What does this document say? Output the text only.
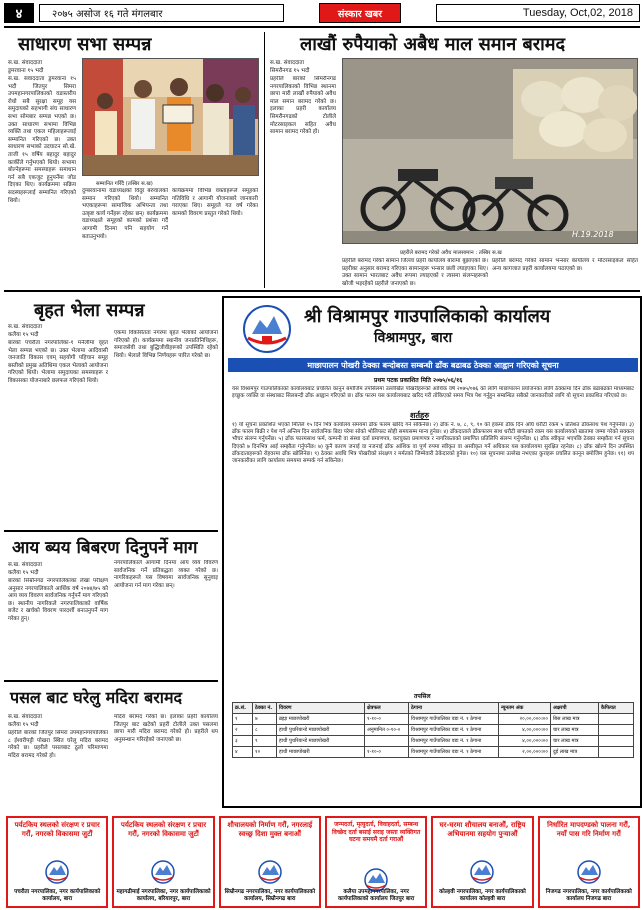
४	२०७५ असोज १६ गते मंगलबार	संस्कार खबर	Tuesday, Oct,02, 2018
साधारण सभा सम्पन्न
स.ख. संवाददाता
डुमरवाना १५ भदौ
स.ख. संवाददाता डुमरवाना १५ भदौ जितपुर सिमरा उपमहानगरपालिकाको वडास्तरीय रोधो सबै सुरक्षा समूह यस समुदायको सहभागी संघ साधारण सभा सोमबार सम्पन्न भएको छ। उक्त साधारण सभामा विभिन्न व्यक्ति तथा एकल महिलाहरूलाई सम्मानित गरिएको छ। उक्त साधारण सभाको उदघाटन सो.खे. ताजी १५ वर्षिय बहादुर बहादुर कार्कीले गर्नुभएको थियो। सभामा बोल्नेहरूमा समस्याहरू समाधान गर्न सबै एकजुट हुनुपर्नेमा जोड दिएका थिए। कार्यक्रममा सक्रिय सदस्यहरूलाई सम्मानित गरिएको थियो।
सम्मानित गरिँदै (तस्बिर स.ख)
दुम्बरवानामा वडाध्यक्षको विदुर बरुवालको सम्मान गरिएको थियो। सम्मानित भएकाहरूमा सामाजिक अभियन्ता तथा उत्कृष्ट कार्य गर्नेहरू रहेका छन्। कार्यक्रममा वडाध्यक्षले समूहको कामको प्रशंसा गर्दै आगामी दिनमा पनि सहयोग गर्ने बताउनुभयो।
कार्यक्रममा विभिन्न वक्ताहरूले समूहको गतिविधि र आगामी योजनाबारे जानकारी गराएका थिए। समूहले गत वर्ष गरेका कामको विवरण प्रस्तुत गरेको थियो।
लाखौं रुपैयाको अबैध माल समान बरामद
स.ख. संवाददाता
सिमरौनगढ १५ भदौ
प्रहरीले बारको सिमरौनगढ नगरपालिकाको विभिन्न स्थानमा छापा मारी लाखौं रुपैयाको अवैध माल समान बरामद गरेको छ। इलाका प्रहरी कार्यालय सिमरौनगढको टोलीले मोटरसाइकल सहित अवैध सामान बरामद गरेको हो।
H.19.2018
प्रहरीले बरामद गरेको अवैध मालसामान : तस्बिर स.ख
प्रहरीले बरामद गरेको सामान जिल्ला प्रहरी कार्यालय बारामा बुझाएको छ। प्रहरीका अनुसार बरामद गरिएका सामानहरू भन्सार छली ल्याइएका थिए। उक्त सामान भारतबाट अवैध रूपमा ल्याइएको र त्यसमा संलग्नहरूको खोजी भइरहेको प्रहरीले जनाएको छ।
प्रहरीले बरामद गरेको सामान भन्सार कार्यालय र मोटरसाइकल सहित अन्य कागजात प्रहरी कार्यालयमा पठाएको छ।
बृहत भेला सम्पन्न
स.ख. संवाददाता
कलैया १५ भदौ
बारको पचरौता नगरपालिका-१ मनैलीमा वृहत भेला सम्पन्न भएको छ। उक्त भेलामा आदिवासी जनजाति विकास एवम् सहयोगी पहिचान समूह बस्तीको प्रमुख अतिथिमा एकल भेलाको आयोजना गरिएको थियो। भेलामा समुदायका समस्याहरू र विकासका योजनाबारे छलफल गरिएको थियो।
एकमा विकसितता नगरमा बृहत भेलाको आयोजना गरिएको हो। कार्यक्रममा स्थानीय जनप्रतिनिधिहरू, समाजसेवी तथा बुद्धिजीवीहरूको उपस्थिति रहेको थियो। भेलाले विभिन्न निर्णयहरू पारित गरेको छ।
आय ब्यय बिबरण दिनुपर्ने माग
स.ख. संवाददाता
कलैया १५ भदौ
बारको सिम्रौनगढ नगरपालिकाका लेखा परीक्षण अनुसार नगरपालिकाले आर्थिक वर्ष २०७४/७५ को आय व्यय विवरण सार्वजनिक गर्नुपर्ने माग गरिएको छ। स्थानीय नागरिकले नगरपालिकाको वार्षिक बजेट र खर्चको विवरण पारदर्शी बनाउनुपर्ने माग गरेका हुन्।
नगरपालिकाले आगामी दिनमा आय व्यय विवरण सार्वजनिक गर्ने प्रतिबद्धता व्यक्त गरेको छ। नागरिकहरूले यस विषयमा सार्वजनिक सुनुवाइ आयोजना गर्न माग गरेका छन्।
पसल बाट घरेलु मदिरा बरामद
स.ख. संवाददाता
कलैया १५ भदौ
प्रहरीले बारको जितपुर सिमरा उपमहानगरपालिका ८ ईश्वरीपट्टी पोखरा स्थित घरेलु मदिरा बरामद गरेको छ। प्रहरीले पसलबाट ठूलो परिमाणमा मदिरा बरामद गरेको हो।
मदिरा बरामद गरेको छ। इलाका प्रहरी कार्यालय जितपुर बाट खटेको प्रहरी टोलीले उक्त पसलमा छापा मारी मदिरा बरामद गरेको हो। प्रहरीले थप अनुसन्धान गरिरहेको जनाएको छ।
श्री विश्रामपुर गाउपालिकाको कार्यालय
विश्रामपुर, बारा
माछापालन पोखरी ठेक्का बन्दोबस्त सम्बन्धी ढाँक बढाबढ ठेक्का आह्वान गरिएको सूचना
प्रथम पटक प्रकाशित मिति २०७५/०६/१६
यस विश्रामपुर गाउपालिकाको कार्यालयबाट प्रचलित कानून बमोजिम तपसिलमा उल्लेखित पोखरीहरूको आर्थिक वर्ष २०७५/०७६ को लागि माछापालन प्रयोजनका लागि ठेक्कामा दिन ढाँक बढाबढको माध्यमबाट इच्छुक व्यक्ति वा संस्थाबाट सिलबन्दी ढाँक आह्वान गरिएको छ। ढाँक फारम यस कार्यालयबाट खरिद गरी तोकिएको समय भित्र पेश गर्नुहुन सम्बन्धित सबैको जानकारीको लागि यो सूचना प्रकाशित गरिएको छ।
शर्तहरु
१) यो सूचना प्रकाशित भएको मितिले १५ दिन भित्र कार्यालय समयमा ढाँक फारम खरिद गर्न सकिनेछ। २) ढाँक नं. ७, ८, ९, १० को हकमा ढाँक दिन अघि धरौटी रकम ५ प्रतिशत ढाँकसाथ पेश गर्नुपर्नेछ। ३) ढाँक फारम बिक्री र पेश गर्ने अन्तिम दिन सार्वजनिक बिदा परेमा सोको भोलिपल्ट सोही समयसम्म मान्य हुनेछ। ४) ढाँकदाताले ढाँकफारम साथ धरौटी बापतको रकम यस कार्यालयको खातामा जम्मा गरेको सक्कल भौचर संलग्न गर्नुपर्नेछ। ५) ढाँक फारमसाथ फर्म, कम्पनी वा संस्था दर्ता प्रमाणपत्र, करचुक्ता प्रमाणपत्र र नागरिकताको प्रमाणित प्रतिलिपि संलग्न गर्नुपर्नेछ। ६) ढाँक स्वीकृत भएपछि ठेक्का सम्झौता गर्न सूचना दिएको ७ दिनभित्र आई सम्झौता गर्नुपर्नेछ। ७) कुनै कारण जनाई वा नजनाई ढाँक आंशिक वा पूर्ण रुपमा स्वीकृत वा अस्वीकृत गर्ने अधिकार यस कार्यालयमा सुरक्षित रहनेछ। ८) ढाँक खोल्ने दिन उपस्थित ढाँकदाताहरूको रोहवरमा ढाँक खोलिनेछ। ९) ठेक्का अवधि भित्र पोखरीको संरक्षण र मर्मतको जिम्मेवारी ठेकेदारको हुनेछ। १०) यस सूचनामा उल्लेख नभएका कुराहरू प्रचलित कानून बमोजिम हुनेछ। ११) थप जानकारीका लागि कार्यालय समयमा सम्पर्क गर्न सकिनेछ।
तपसिल
क्र.सं.	ठेक्का नं.	विवरण	क्षेत्रफल	ठेगाना	न्यूनतम अंक	अक्षरपी	कैफियत
१	७	ब्रह्मा माछापोखरी	१-१०-०	विश्रामपुर गाउँपालिका वडा नं. १ ठेगाना	२०,००,०००।००	बिस लाख मात्र	
२	८	हाथी पुथरियान्डे माछापोखरी	अनुमानित ०-१०-०	विश्रामपुर गाउँपालिका वडा नं. १ ठेगाना	४,००,०००।००	चार लाख मात्र	
३	९	हाथी पुथरियान्डे माछापोखरी		विश्रामपुर गाउँपालिका वडा नं. १ ठेगाना	४,००,०००।००	चार लाख मात्र	
४	१०	हाथी माछापोखरी	१-१०-०	विश्रामपुर गाउँपालिका वडा नं. १ ठेगाना	२,००,०००।००	दुई लाख मात्र	
पर्यटकिय स्थलको संरक्षण र प्रचार गरौं, नगरको विकासमा जुटौं
पचरौता नगरपालिका, नगर कार्यपालिकाको कार्यालय, बारा
पर्यटकिय स्थलको संरक्षण र प्रचार गरौं, नगरको विकासमा जुटौं
महागढीमाई नगरपालिका, नगर कार्यपालिकाको कार्यालय, बरियारपुर, बारा
शौचालयको निर्माण गरौं, नगरलाई स्वच्छ्र दिशा मुक्त बनाऔं
सिम्रौनगढ नगरपालिका, नगर कार्यपालिकाको कार्यालय, सिम्रौनगढ बारा
जन्मदर्ता, मृत्युदर्ता, विवाहदर्ता, सम्बन्ध विच्छेद दर्ता बसाई सराइ जस्ता व्यक्तिगत घटना समयमै दर्ता गराऔं
कलैया उपमहानगरपालिका, नगर कार्यपालिकाको कार्यालय जितपुर बारा
घर-घरमा शौचालय बनाऔं, राष्ट्रिय अभियानमा सहयोग पुऱ्याऔं
कोल्हवी नगरपालिका, नगर कार्यपालिकाको कार्यालय कोल्हवी बारा
निर्धारित मापदण्डको पालना गरौं, नयाँ पास गरि निर्माण गरौं
निजगढ नगरपालिका, नगर कार्यपालिकाको कार्यालय निजगढ बारा
